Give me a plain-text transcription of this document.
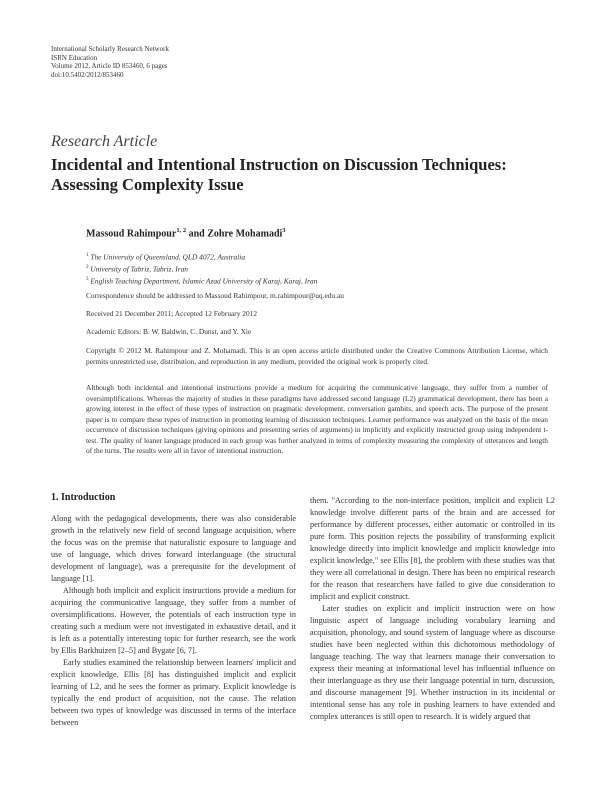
International Scholarly Research Network
ISRN Education
Volume 2012, Article ID 853460, 6 pages
doi:10.5402/2012/853460
Research Article
Incidental and Intentional Instruction on Discussion Techniques:
Assessing Complexity Issue
Massoud Rahimpour$^{1, 2}$ and Zohre Mohamadi$^3$
$^1$ The University of Queensland, QLD 4072, Australia
$^2$ University of Tabriz, Tabriz, Iran
$^3$ English Teaching Department, Islamic Azad University of Karaj, Karaj, Iran
Correspondence should be addressed to Massoud Rahimpour, m.rahimpour@uq.edu.au
Received 21 December 2011; Accepted 12 February 2012
Academic Editors: B. W. Baldwin, C. Dunst, and Y. Xie

Copyright © 2012 M. Rahimpour and Z. Mohamadi. This is an open access article distributed under the Creative Commons Attribution License, which permits unrestricted use, distribution, and reproduction in any medium, provided the original work is properly cited.

Although both incidental and intentional instructions provide a medium for acquiring the communicative language, they suffer from a number of oversimplifications. Whereas the majority of studies in these paradigms have addressed second language (L2) grammatical development, there has been a growing interest in the effect of these types of instruction on pragmatic development, conversation gambits, and speech acts. The purpose of the present paper is to compare these types of instruction in promoting learning of discussion techniques. Learner performance was analyzed on the basis of the mean occurrence of discussion techniques (giving opinions and presenting series of arguments) in implicitly and explicitly instructed group using independent t-test. The quality of leaner language produced in each group was further analyzed in terms of complexity measuring the complexity of utterances and length of the turns. The results were all in favor of intentional instruction.

1. Introduction

Along with the pedagogical developments, there was also considerable growth in the relatively new field of second language acquisition, where the focus was on the premise that naturalistic exposure to language and use of language, which drives forward interlanguage (the structural development of language), was a prerequisite for the development of language [1].

Although both implicit and explicit instructions provide a medium for acquiring the communicative language, they suffer from a number of oversimplifications. However, the potentials of each instruction type in creating such a medium were not investigated in exhaustive detail, and it is left as a potentially interesting topic for further research, see the work by Ellis Barkhuizen [2–5] and Bygate [6, 7].

Early studies examined the relationship between learners' implicit and explicit knowledge. Ellis [8] has distinguished implicit and explicit learning of L2, and he sees the former as primary. Explicit knowledge is typically the end product of acquisition, not the cause. The relation between two types of knowledge was discussed in terms of the interface between

them. "According to the non-interface position, implicit and explicit L2 knowledge involve different parts of the brain and are accessed for performance by different processes, either automatic or controlled in its pure form. This position rejects the possibility of transforming explicit knowledge directly into implicit knowledge and implicit knowledge into explicit knowledge," see Ellis [8], the problem with these studies was that they were all correlational in design. There has been no empirical research for the reason that researchers have failed to give due consideration to implicit and explicit construct.

Later studies on explicit and implicit instruction were on how linguistic aspect of language including vocabulary learning and acquisition, phonology, and sound system of language where as discourse studies have been neglected within this dichotomous methodology of language teaching. The way that learners manage their conversation to express their meaning at informational level has influential influence on their interlanguage as they use their language potential in turn, discussion, and discourse management [9]. Whether instruction in its incidental or intentional sense has any role in pushing learners to have extended and complex utterances is still open to research. It is widely argued that
